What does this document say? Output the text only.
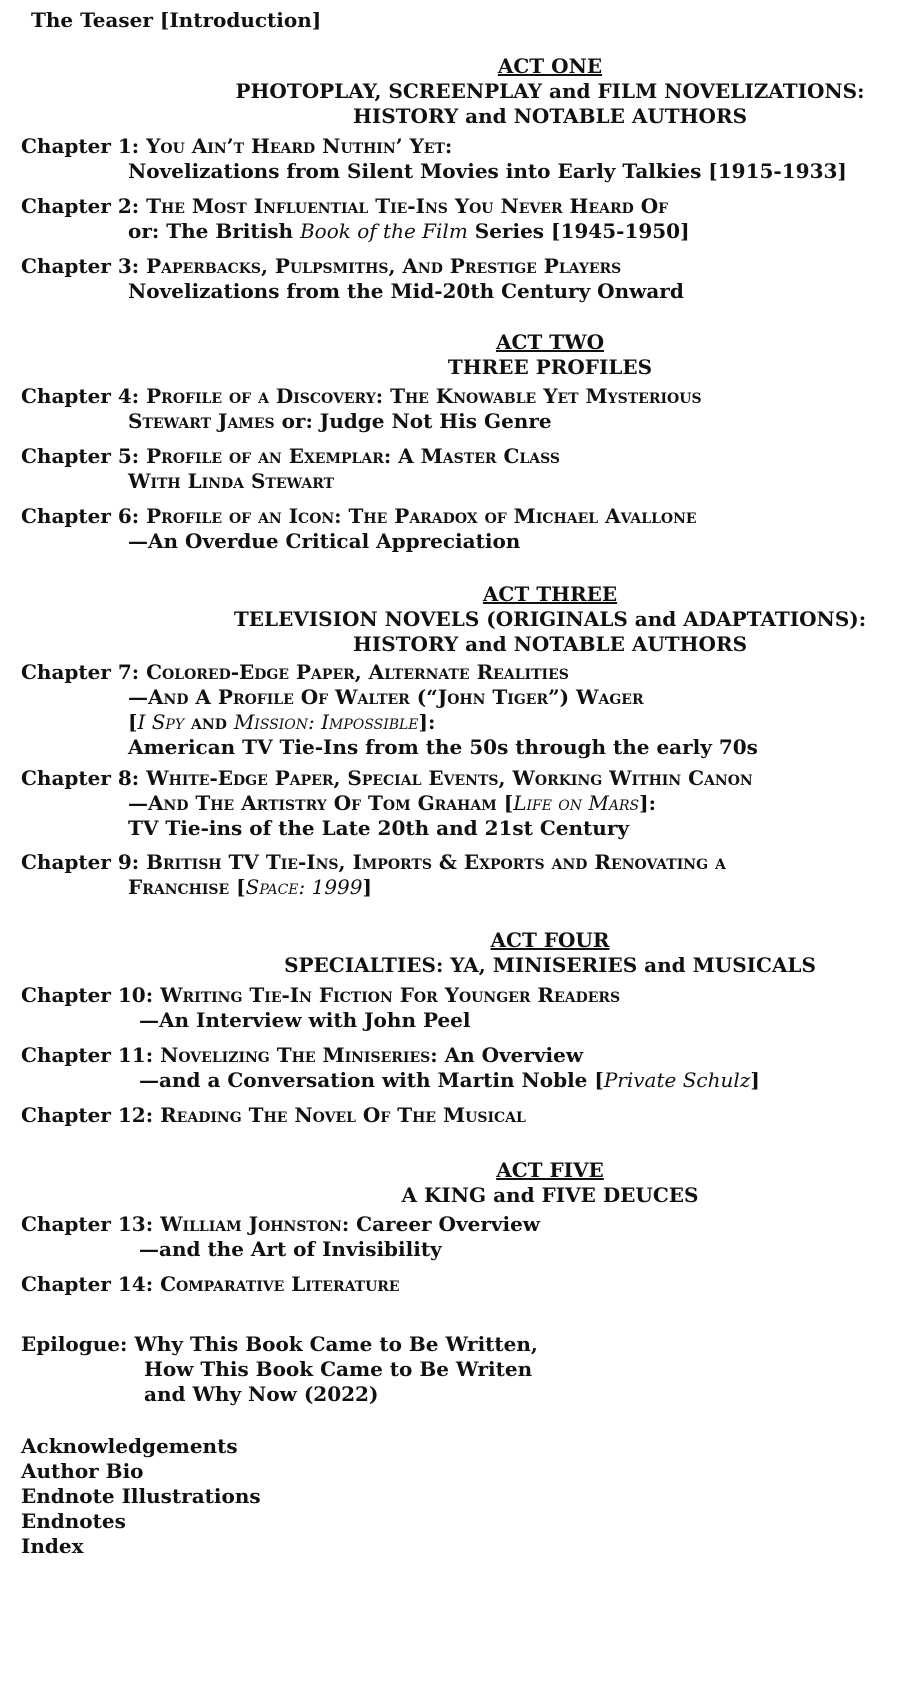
The Teaser [Introduction]
ACT ONE
PHOTOPLAY, SCREENPLAY and FILM NOVELIZATIONS:
HISTORY and NOTABLE AUTHORS
Chapter 1: You Ain’t Heard Nuthin’ Yet:
Novelizations from Silent Movies into Early Talkies [1915-1933]
Chapter 2: The Most Influential Tie-Ins You Never Heard Of
or: The British Book of the Film Series [1945-1950]
Chapter 3: Paperbacks, Pulpsmiths, And Prestige Players
Novelizations from the Mid-20th Century Onward
ACT TWO
THREE PROFILES
Chapter 4: Profile of a Discovery: The Knowable Yet Mysterious
Stewart James or: Judge Not His Genre
Chapter 5: Profile of an Exemplar: A Master Class
With Linda Stewart
Chapter 6: Profile of an Icon: The Paradox of Michael Avallone
—An Overdue Critical Appreciation
ACT THREE
TELEVISION NOVELS (ORIGINALS and ADAPTATIONS):
HISTORY and NOTABLE AUTHORS
Chapter 7: Colored-Edge Paper, Alternate Realities
—And A Profile Of Walter (“John Tiger”) Wager
[I Spy and Mission: Impossible]:
American TV Tie-Ins from the 50s through the early 70s
Chapter 8: White-Edge Paper, Special Events, Working Within Canon
—And The Artistry Of Tom Graham [Life on Mars]:
TV Tie-ins of the Late 20th and 21st Century
Chapter 9: British TV Tie-Ins, Imports & Exports and Renovating a
Franchise [Space: 1999]
ACT FOUR
SPECIALTIES: YA, MINISERIES and MUSICALS
Chapter 10: Writing Tie-In Fiction For Younger Readers
—An Interview with John Peel
Chapter 11: Novelizing The Miniseries: An Overview
—and a Conversation with Martin Noble [Private Schulz]
Chapter 12: Reading The Novel Of The Musical
ACT FIVE
A KING and FIVE DEUCES
Chapter 13: William Johnston: Career Overview
—and the Art of Invisibility
Chapter 14: Comparative Literature
Epilogue: Why This Book Came to Be Written,
How This Book Came to Be Writen
and Why Now (2022)
Acknowledgements
Author Bio
Endnote Illustrations
Endnotes
Index
